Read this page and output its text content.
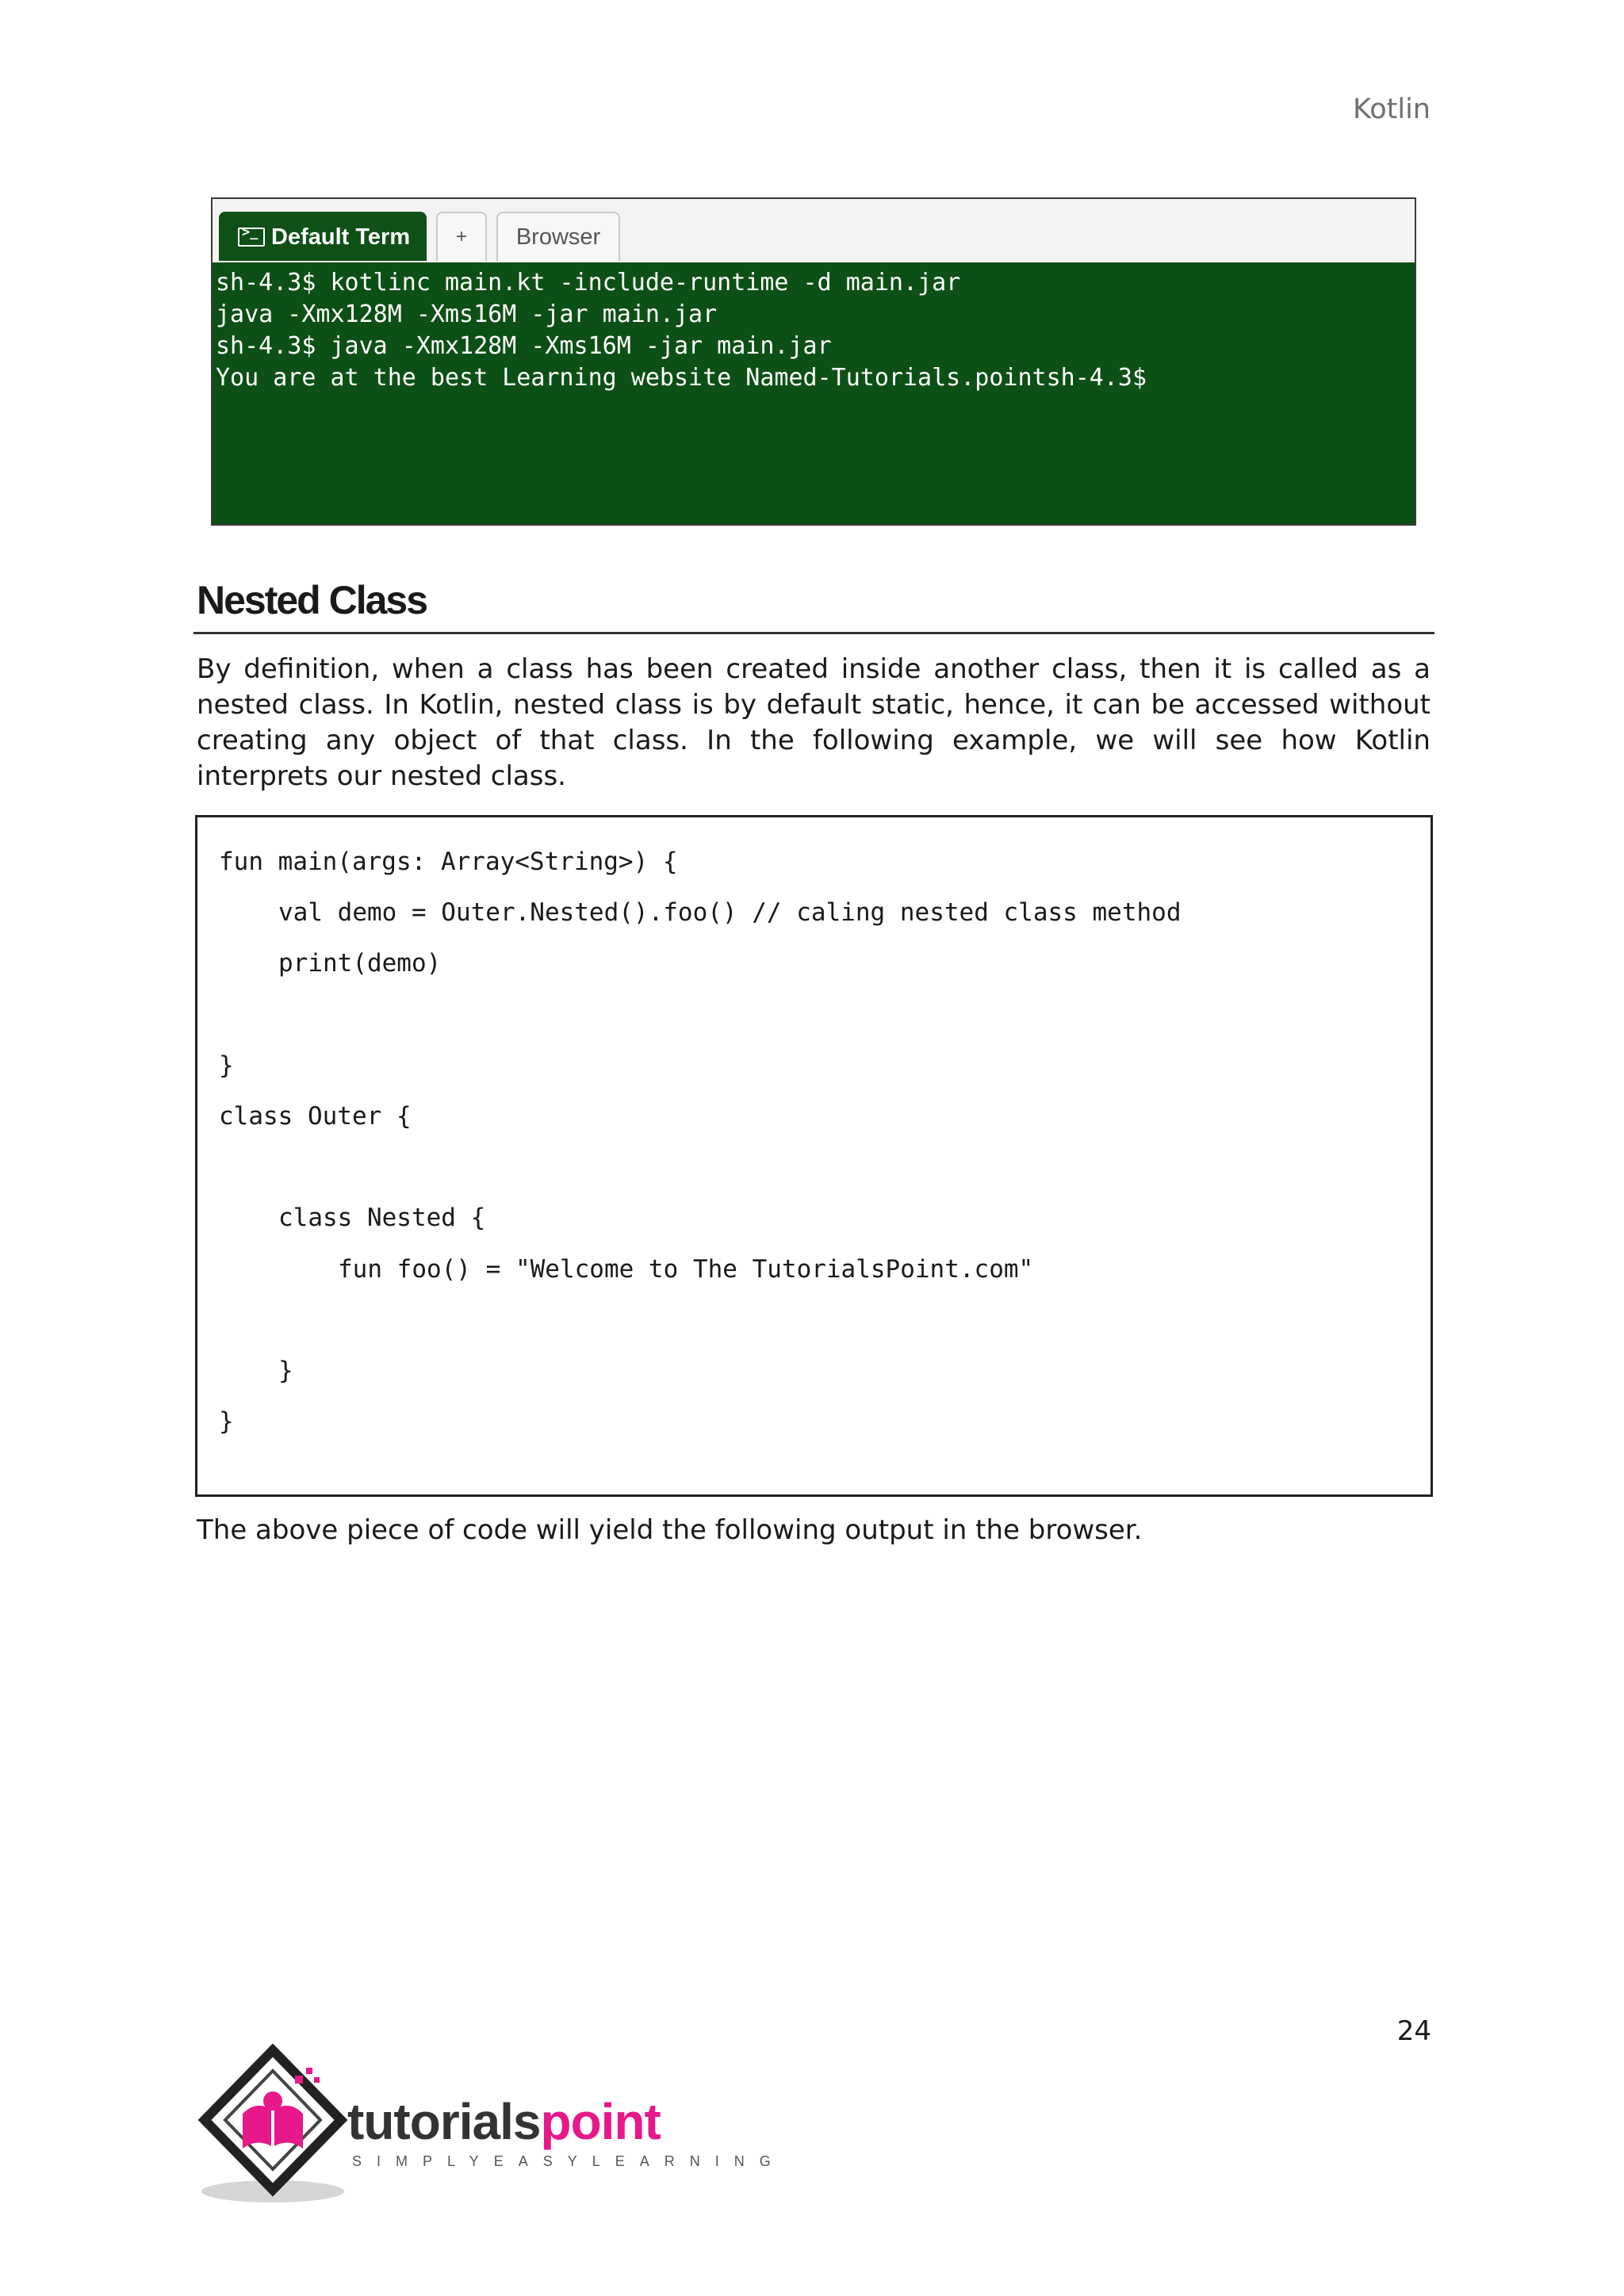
Kotlin
>_
Default Term	+	Browser
sh-4.3$ kotlinc main.kt -include-runtime -d main.jar
java -Xmx128M -Xms16M -jar main.jar
sh-4.3$ java -Xmx128M -Xms16M -jar main.jar
You are at the best Learning website Named-Tutorials.pointsh-4.3$
Nested Class

By definition, when a class has been created inside another class, then it is called as a nested class. In Kotlin, nested class is by default static, hence, it can be accessed without creating any object of that class. In the following example, we will see how Kotlin interprets our nested class.

fun main(args: Array<String>) {
val demo = Outer.Nested().foo() // caling nested class method
print(demo)
}
class Outer {
class Nested {
fun foo() = "Welcome to The TutorialsPoint.com"
}
}

The above piece of code will yield the following output in the browser.

24
tutorialspoint
SIMPLYEASYLEARNING
